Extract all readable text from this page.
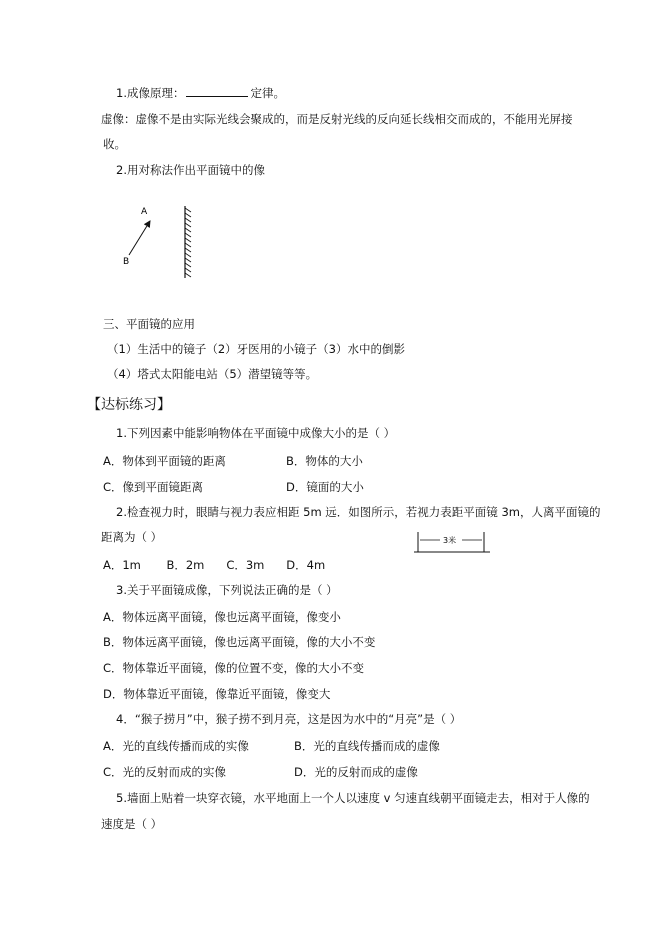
1.成像原理：	定律。
虚像：虚像不是由实际光线会聚成的，而是反射光线的反向延长线相交而成的，不能用光屏接
收。
2.用对称法作出平面镜中的像
A
B
三、平面镜的应用
（1）生活中的镜子（2）牙医用的小镜子（3）水中的倒影
（4）塔式太阳能电站（5）潜望镜等等。
【达标练习】
1.下列因素中能影响物体在平面镜中成像大小的是（ ）
A．物体到平面镜的距离	B．物体的大小
C．像到平面镜距离	D．镜面的大小
2.检查视力时，眼睛与视力表应相距 5m 远．如图所示，若视力表距平面镜 3m，人离平面镜的
距离为（ ）
A．1m       B．2m      C．3m      D．4m
3米
3.关于平面镜成像，下列说法正确的是（ ）
A．物体远离平面镜，像也远离平面镜，像变小
B．物体远离平面镜，像也远离平面镜，像的大小不变
C．物体靠近平面镜，像的位置不变，像的大小不变
D．物体靠近平面镜，像靠近平面镜，像变大
4．“猴子捞月”中，猴子捞不到月亮，这是因为水中的“月亮”是（ ）
A．光的直线传播而成的实像	B．光的直线传播而成的虚像
C．光的反射而成的实像	D．光的反射而成的虚像
5.墙面上贴着一块穿衣镜，水平地面上一个人以速度 v 匀速直线朝平面镜走去，相对于人像的
速度是（ ）
